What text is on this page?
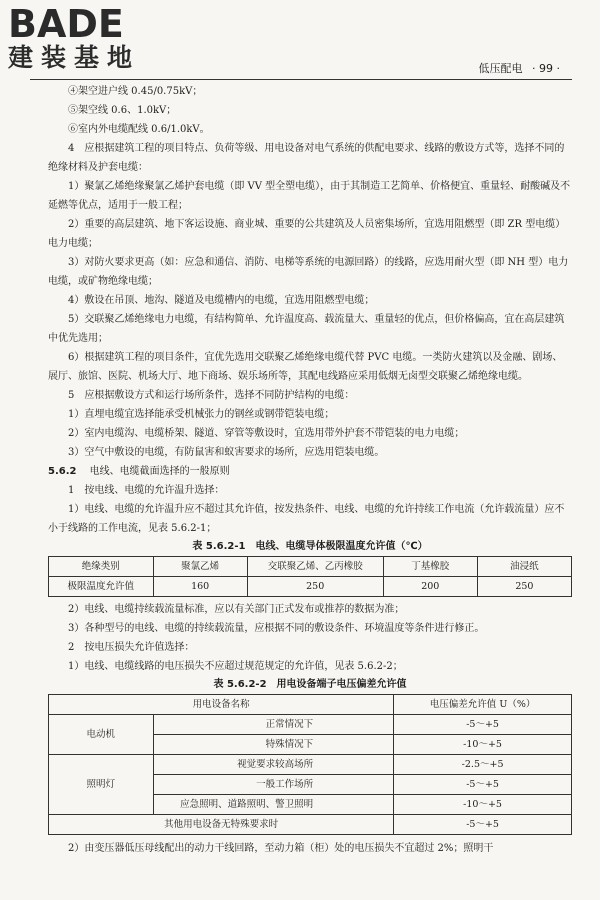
BADE
建装基地	低压配电 · 99 ·

④架空进户线 0.45/0.75kV；

⑤架空线 0.6、1.0kV；

⑥室内外电缆配线 0.6/1.0kV。

4　应根据建筑工程的项目特点、负荷等级、用电设备对电气系统的供配电要求、线路的敷设方式等，选择不同的绝缘材料及护套电缆：

1）聚氯乙烯绝缘聚氯乙烯护套电缆（即 VV 型全塑电缆），由于其制造工艺简单、价格便宜、重量轻、耐酸碱及不延燃等优点，适用于一般工程；

2）重要的高层建筑、地下客运设施、商业城、重要的公共建筑及人员密集场所，宜选用阻燃型（即 ZR 型电缆）电力电缆；

3）对防火要求更高（如：应急和通信、消防、电梯等系统的电源回路）的线路，应选用耐火型（即 NH 型）电力电缆，或矿物绝缘电缆；

4）敷设在吊顶、地沟、隧道及电缆槽内的电缆，宜选用阻燃型电缆；

5）交联聚乙烯绝缘电力电缆，有结构简单、允许温度高、载流量大、重量轻的优点，但价格偏高，宜在高层建筑中优先选用；

6）根据建筑工程的项目条件，宜优先选用交联聚乙烯绝缘电缆代替 PVC 电缆。一类防火建筑以及金融、剧场、展厅、旅馆、医院、机场大厅、地下商场、娱乐场所等，其配电线路应采用低烟无卤型交联聚乙烯绝缘电缆。

5　应根据敷设方式和运行场所条件，选择不同防护结构的电缆：

1）直埋电缆宜选择能承受机械张力的钢丝或钢带铠装电缆；

2）室内电缆沟、电缆桥架、隧道、穿管等敷设时，宜选用带外护套不带铠装的电力电缆；

3）空气中敷设的电缆，有防鼠害和蚁害要求的场所，应选用铠装电缆。

5.6.2 电线、电缆截面选择的一般原则

1　按电线、电缆的允许温升选择：

1）电线、电缆的允许温升应不超过其允许值，按发热条件、电线、电缆的允许持续工作电流（允许载流量）应不小于线路的工作电流，见表 5.6.2-1；

表 5.6.2-1　电线、电缆导体极限温度允许值（℃）
绝缘类别	聚氯乙烯	交联聚乙烯、乙丙橡胶	丁基橡胶	油浸纸
极限温度允许值	160	250	200	250

2）电线、电缆持续载流量标准，应以有关部门正式发布或推荐的数据为准；

3）各种型号的电线、电缆的持续载流量，应根据不同的敷设条件、环境温度等条件进行修正。

2　按电压损失允许值选择：

1）电线、电缆线路的电压损失不应超过规范规定的允许值，见表 5.6.2-2；

表 5.6.2-2　用电设备端子电压偏差允许值
用电设备名称		电压偏差允许值 U（%）
电动机	正常情况下	-5～+5
	特殊情况下	-10～+5
照明灯	视觉要求较高场所	-2.5～+5
	一般工作场所	-5～+5
	应急照明、道路照明、警卫照明	-10～+5
其他用电设备无特殊要求时		-5～+5

2）由变压器低压母线配出的动力干线回路，至动力箱（柜）处的电压损失不宜超过 2%；照明干
